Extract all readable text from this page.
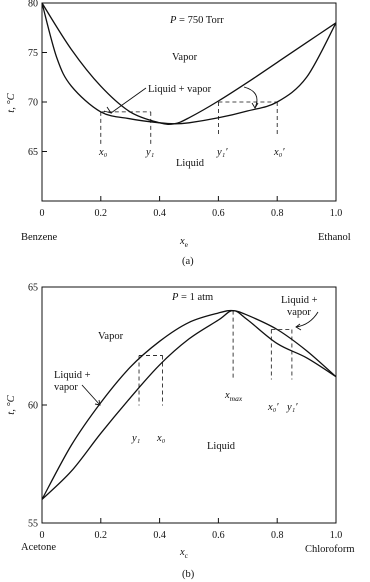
0	0.2	0.4	0.6	0.8	1.0
65
70
75
80
P = 750 Torr
Vapor
Liquid + vapor
Liquid
x₀	y₁	y₁′	x₀′
Benzene	Ethanol
$x_e$
(a)
t, °C
0	0.2	0.4	0.6	0.8	1.0
55
60
65
P = 1 atm
Vapor
Liquid +
vapor
Liquid
Liquid +
vapor
y₁ x₀
$x_{max}$
x₀′ y₁′
Acetone	Chloroform
$x_c$
(b)
t, °C
